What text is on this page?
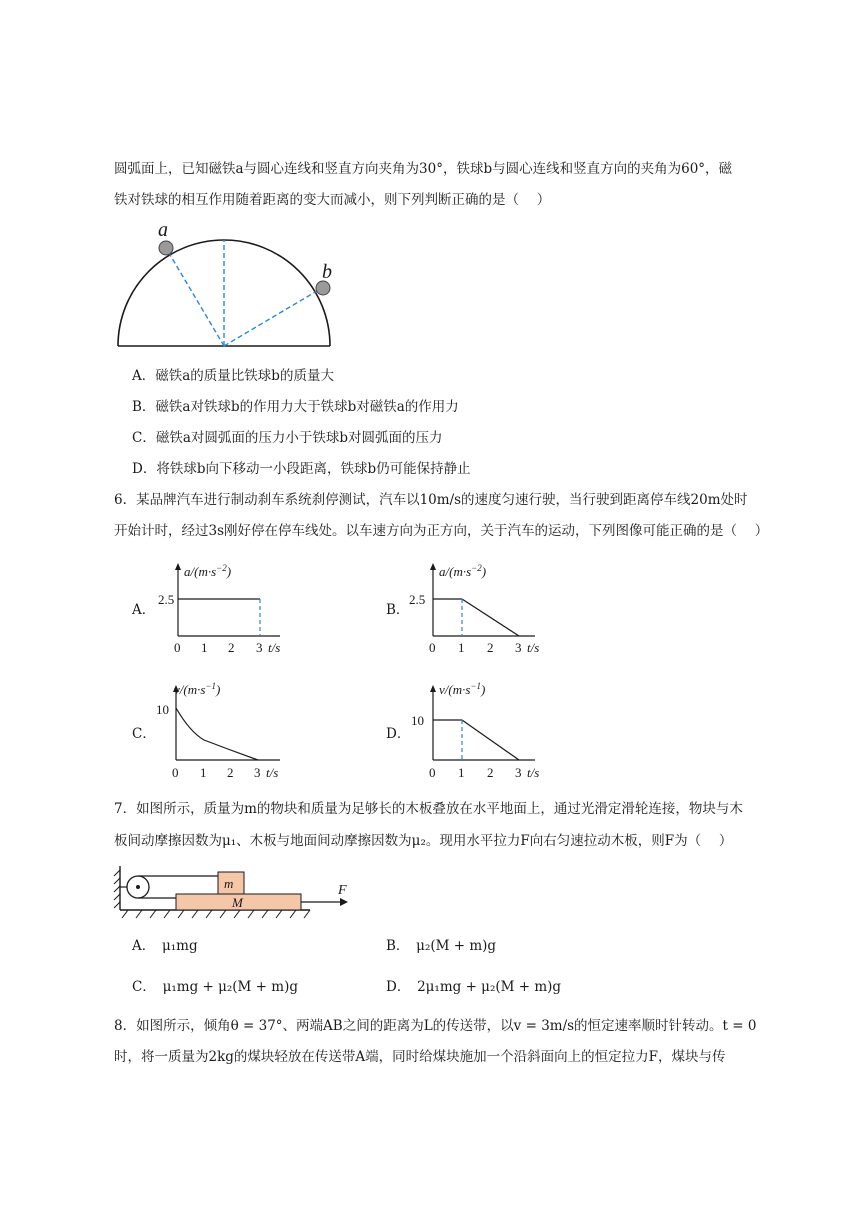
圆弧面上，已知磁铁a与圆心连线和竖直方向夹角为30°，铁球b与圆心连线和竖直方向的夹角为60°，磁
铁对铁球的相互作用随着距离的变大而减小，则下列判断正确的是（　 ）
a
b
A．磁铁a的质量比铁球b的质量大
B．磁铁a对铁球b的作用力大于铁球b对磁铁a的作用力
C．磁铁a对圆弧面的压力小于铁球b对圆弧面的压力
D．将铁球b向下移动一小段距离，铁球b仍可能保持静止
6．某品牌汽车进行制动刹车系统刹停测试，汽车以10m/s的速度匀速行驶，当行驶到距离停车线20m处时
开始计时，经过3s刚好停在停车线处。以车速方向为正方向，关于汽车的运动，下列图像可能正确的是（　 ）
A．
$a/(m\cdot s^{-2})$
2.5
0 1 2 3 t/s
B．
$a/(m\cdot s^{-2})$
2.5
0 1 2 3 t/s
C．
$v/(m\cdot s^{-1})$
10
0 1 2 3 t/s
D．
$v/(m\cdot s^{-1})$
10
0 1 2 3 t/s
7．如图所示，质量为m的物块和质量为足够长的木板叠放在水平地面上，通过光滑定滑轮连接，物块与木
板间动摩擦因数为μ₁、木板与地面间动摩擦因数为μ₂。现用水平拉力F向右匀速拉动木板，则F为（　 ）
m
M
F
A．　μ₁mg	B．　μ₂(M + m)g
C．　μ₁mg + μ₂(M + m)g	D．　2μ₁mg + μ₂(M + m)g
8．如图所示，倾角θ = 37°、两端AB之间的距离为L的传送带，以v = 3m/s的恒定速率顺时针转动。t = 0
时，将一质量为2kg的煤块轻放在传送带A端，同时给煤块施加一个沿斜面向上的恒定拉力F，煤块与传
